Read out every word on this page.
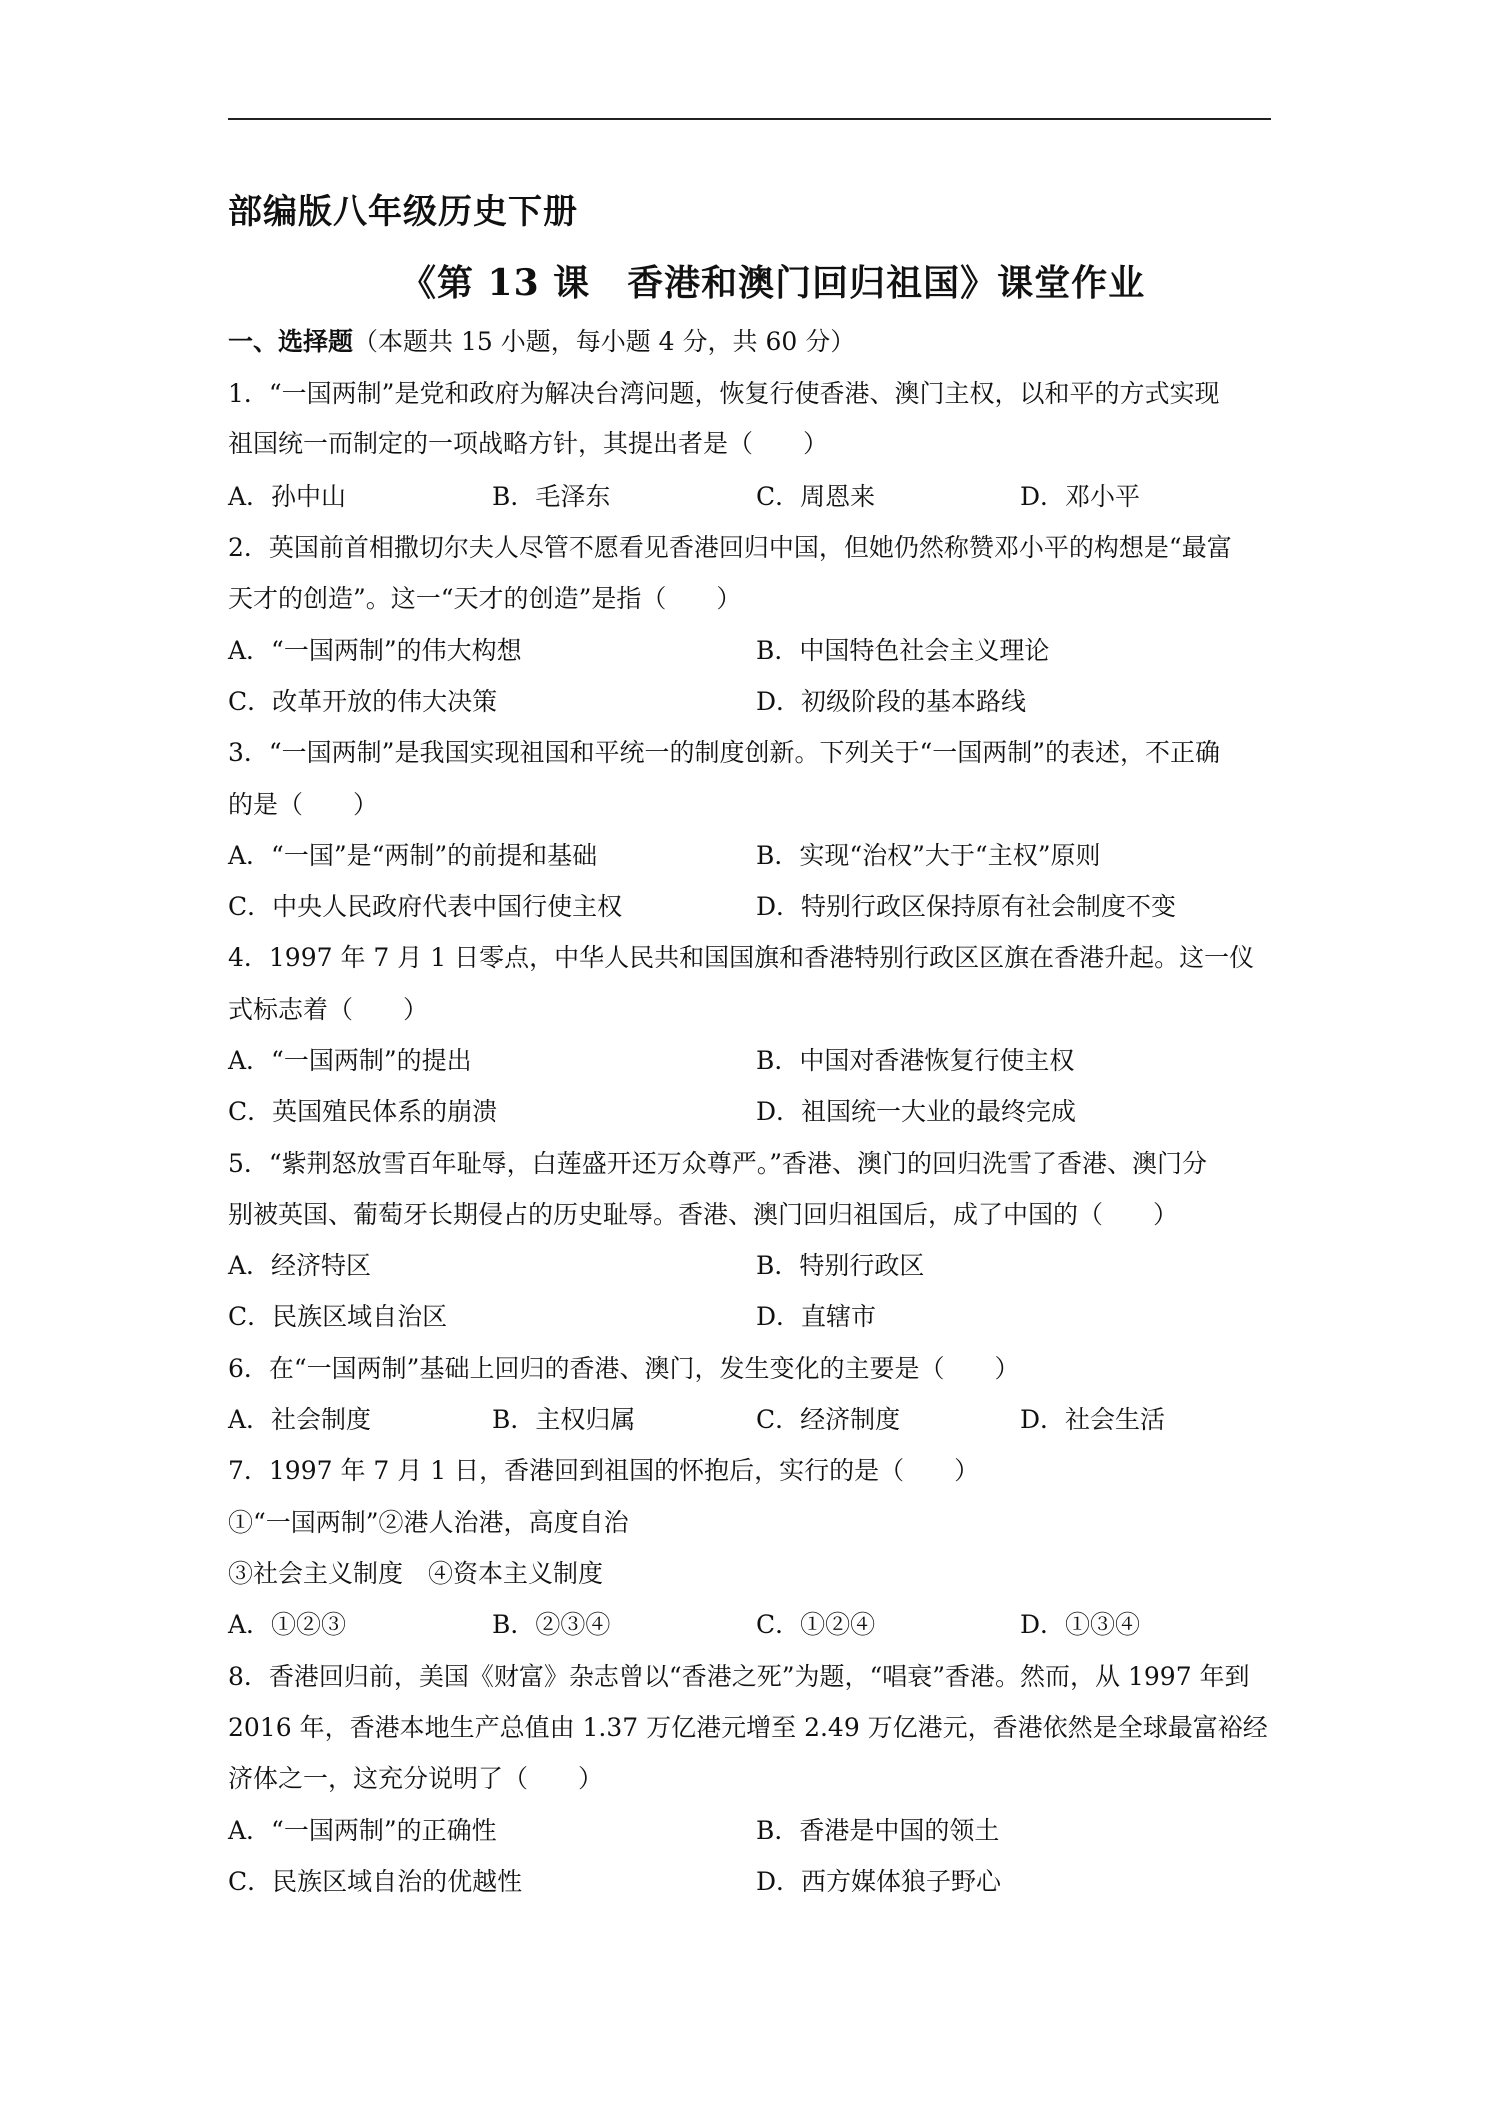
部编版八年级历史下册
《第 13 课　香港和澳门回归祖国》课堂作业
一、选择题（本题共 15 小题，每小题 4 分，共 60 分）
1．“一国两制”是党和政府为解决台湾问题，恢复行使香港、澳门主权，以和平的方式实现
祖国统一而制定的一项战略方针，其提出者是（　　）
A．孙中山	B．毛泽东	C．周恩来	D．邓小平
2．英国前首相撒切尔夫人尽管不愿看见香港回归中国，但她仍然称赞邓小平的构想是“最富
天才的创造”。这一“天才的创造”是指（　　）
A．“一国两制”的伟大构想	B．中国特色社会主义理论
C．改革开放的伟大决策	D．初级阶段的基本路线
3．“一国两制”是我国实现祖国和平统一的制度创新。下列关于“一国两制”的表述，不正确
的是（　　）
A．“一国”是“两制”的前提和基础	B．实现“治权”大于“主权”原则
C．中央人民政府代表中国行使主权	D．特别行政区保持原有社会制度不变
4．1997 年 7 月 1 日零点，中华人民共和国国旗和香港特别行政区区旗在香港升起。这一仪
式标志着（　　）
A．“一国两制”的提出	B．中国对香港恢复行使主权
C．英国殖民体系的崩溃	D．祖国统一大业的最终完成
5．“紫荆怒放雪百年耻辱，白莲盛开还万众尊严。”香港、澳门的回归洗雪了香港、澳门分
别被英国、葡萄牙长期侵占的历史耻辱。香港、澳门回归祖国后，成了中国的（　　）
A．经济特区	B．特别行政区
C．民族区域自治区	D．直辖市
6．在“一国两制”基础上回归的香港、澳门，发生变化的主要是（　　）
A．社会制度	B．主权归属	C．经济制度	D．社会生活
7．1997 年 7 月 1 日，香港回到祖国的怀抱后，实行的是（　　）
①“一国两制”②港人治港，高度自治
③社会主义制度　④资本主义制度
A．①②③	B．②③④	C．①②④	D．①③④
8．香港回归前，美国《财富》杂志曾以“香港之死”为题，“唱衰”香港。然而，从 1997 年到
2016 年，香港本地生产总值由 1.37 万亿港元增至 2.49 万亿港元，香港依然是全球最富裕经
济体之一，这充分说明了（　　）
A．“一国两制”的正确性	B．香港是中国的领土
C．民族区域自治的优越性	D．西方媒体狼子野心
